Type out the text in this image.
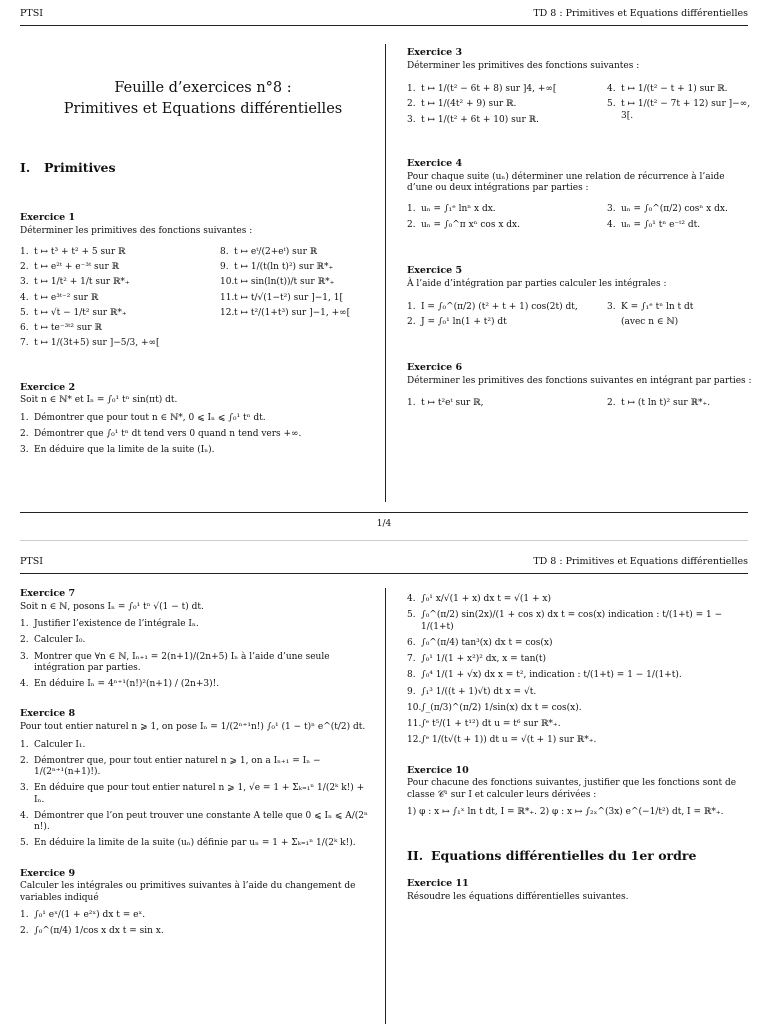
PTSI	TD 8 : Primitives et Equations différentielles
Feuille d’exercices n°8 :
Primitives et Equations différentielles
I. Primitives
Exercice 1
Déterminer les primitives des fonctions suivantes :
1. t ↦ t³ + t² + 5 sur ℝ
2. t ↦ e²ᵗ + e⁻³ᵗ sur ℝ
3. t ↦ 1/t² + 1/t sur ℝ*₊
4. t ↦ e³ᵗ⁻² sur ℝ
5. t ↦ √t − 1/t² sur ℝ*₊
6. t ↦ te⁻³ᵗ² sur ℝ
7. t ↦ 1/(3t+5) sur ]−5/3, +∞[
8. t ↦ eᵗ/(2+eᵗ) sur ℝ
9. t ↦ 1/(t(ln t)²) sur ℝ*₊
10. t ↦ sin(ln(t))/t sur ℝ*₊
11. t ↦ t/√(1−t²) sur ]−1, 1[
12. t ↦ t²/(1+t³) sur ]−1, +∞[
Exercice 2
Soit n ∈ ℕ* et Iₙ = ∫₀¹ tⁿ sin(πt) dt.
1. Démontrer que pour tout n ∈ ℕ*, 0 ⩽ Iₙ ⩽ ∫₀¹ tⁿ dt.
2. Démontrer que ∫₀¹ tⁿ dt tend vers 0 quand n tend vers +∞.
3. En déduire que la limite de la suite (Iₙ).
Exercice 3
Déterminer les primitives des fonctions suivantes :
1. t ↦ 1/(t² − 6t + 8) sur ]4, +∞[
2. t ↦ 1/(4t² + 9) sur ℝ.
3. t ↦ 1/(t² + 6t + 10) sur ℝ.
4. t ↦ 1/(t² − t + 1) sur ℝ.
5. t ↦ 1/(t² − 7t + 12) sur ]−∞, 3[.
Exercice 4
Pour chaque suite (uₙ) déterminer une relation de récurrence à l’aide d’une ou deux intégrations par parties :
1. uₙ = ∫₁ᵉ lnⁿ x dx.
2. uₙ = ∫₀^π xⁿ cos x dx.
3. uₙ = ∫₀^(π/2) cosⁿ x dx.
4. uₙ = ∫₀¹ tⁿ e⁻ᵗ² dt.
Exercice 5
À l’aide d’intégration par parties calculer les intégrales :
1. I = ∫₀^(π/2) (t² + t + 1) cos(2t) dt,
2. J = ∫₀¹ ln(1 + t²) dt
3. K = ∫₁ᵉ tⁿ ln t dt
(avec n ∈ ℕ)
Exercice 6
Déterminer les primitives des fonctions suivantes en intégrant par parties :
1. t ↦ t²eᵗ sur ℝ,	2. t ↦ (t ln t)² sur ℝ*₊.
1/4
PTSI	TD 8 : Primitives et Equations différentielles
Exercice 7
Soit n ∈ ℕ, posons Iₙ = ∫₀¹ tⁿ √(1 − t) dt.
1. Justifier l’existence de l’intégrale Iₙ.
2. Calculer I₀.
3. Montrer que ∀n ∈ ℕ, Iₙ₊₁ = 2(n+1)/(2n+5) Iₙ à l’aide d’une seule intégration par parties.
4. En déduire Iₙ = 4ⁿ⁺¹(n!)²(n+1) / (2n+3)!.
Exercice 8
Pour tout entier naturel n ⩾ 1, on pose Iₙ = 1/(2ⁿ⁺¹n!) ∫₀¹ (1 − t)ⁿ e^(t/2) dt.
1. Calculer I₁.
2. Démontrer que, pour tout entier naturel n ⩾ 1, on a Iₙ₊₁ = Iₙ − 1/(2ⁿ⁺¹(n+1)!).
3. En déduire que pour tout entier naturel n ⩾ 1, √e = 1 + Σₖ₌₁ⁿ 1/(2ᵏ k!) + Iₙ.
4. Démontrer que l’on peut trouver une constante A telle que 0 ⩽ Iₙ ⩽ A/(2ⁿ n!).
5. En déduire la limite de la suite (uₙ) définie par uₙ = 1 + Σₖ₌₁ⁿ 1/(2ᵏ k!).
Exercice 9
Calculer les intégrales ou primitives suivantes à l’aide du changement de variables indiqué
1. ∫₀¹ eˣ/(1 + e²ˣ) dx t = eˣ.
2. ∫₀^(π/4) 1/cos x dx t = sin x.
4. ∫₀¹ x/√(1 + x) dx t = √(1 + x)
5. ∫₀^(π/2) sin(2x)/(1 + cos x) dx t = cos(x) indication : t/(1+t) = 1 − 1/(1+t)
6. ∫₀^(π/4) tan³(x) dx t = cos(x)
7. ∫₀¹ 1/(1 + x²)² dx, x = tan(t)
8. ∫₀⁴ 1/(1 + √x) dx x = t², indication : t/(1+t) = 1 − 1/(1+t).
9. ∫₁³ 1/((t + 1)√t) dt x = √t.
10. ∫_(π/3)^(π/2) 1/sin(x) dx t = cos(x).
11. ∫ᵉ t⁵/(1 + t¹²) dt u = t⁶ sur ℝ*₊.
12. ∫ᵉ 1/(t√(t + 1)) dt u = √(t + 1) sur ℝ*₊.
Exercice 10
Pour chacune des fonctions suivantes, justifier que les fonctions sont de classe 𝒞¹ sur I et calculer leurs dérivées :
1) φ : x ↦ ∫₁ˣ ln t dt, I = ℝ*₊. 2) φ : x ↦ ∫₂ₓ^(3x) e^(−1/t²) dt, I = ℝ*₊.
II. Equations différentielles du 1er ordre
Exercice 11
Résoudre les équations différentielles suivantes.
